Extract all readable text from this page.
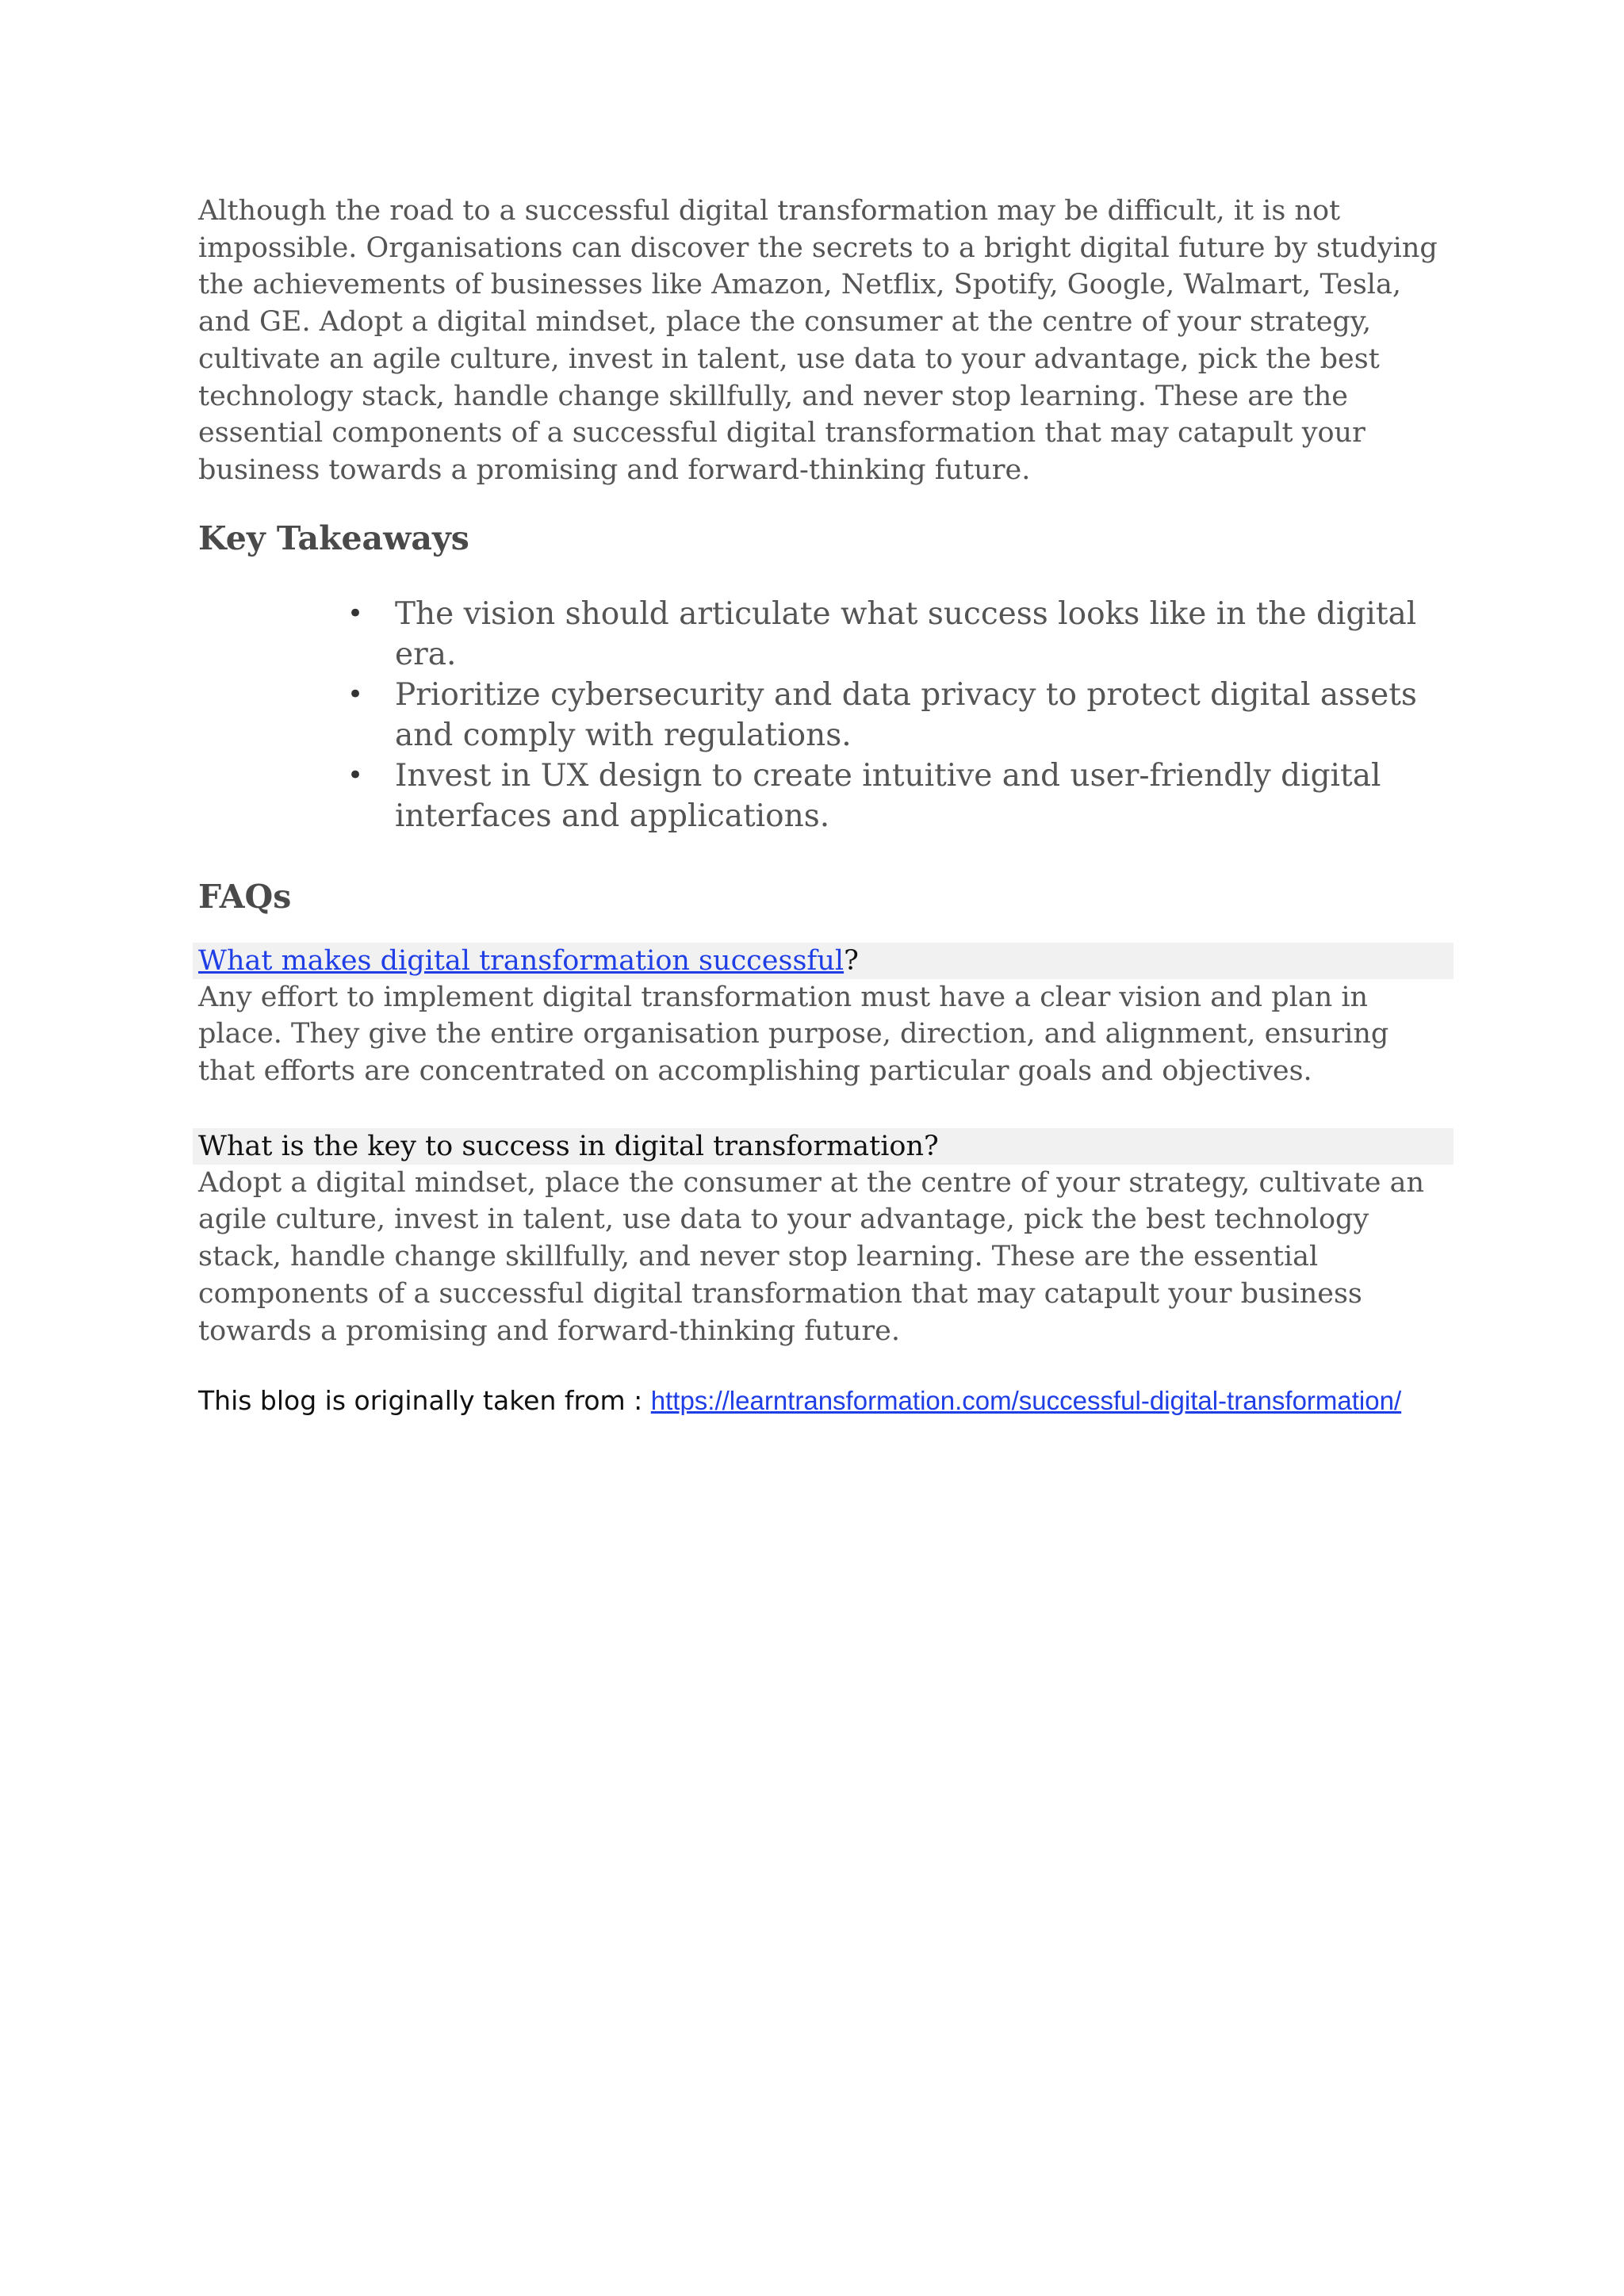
Although the road to a successful digital transformation may be difficult, it is not impossible. Organisations can discover the secrets to a bright digital future by studying the achievements of businesses like Amazon, Netflix, Spotify, Google, Walmart, Tesla, and GE. Adopt a digital mindset, place the consumer at the centre of your strategy, cultivate an agile culture, invest in talent, use data to your advantage, pick the best technology stack, handle change skillfully, and never stop learning. These are the essential components of a successful digital transformation that may catapult your business towards a promising and forward-thinking future.

Key Takeaways
• The vision should articulate what success looks like in the digital era.
• Prioritize cybersecurity and data privacy to protect digital assets and comply with regulations.
• Invest in UX design to create intuitive and user-friendly digital interfaces and applications.
FAQs
What makes digital transformation successful?

Any effort to implement digital transformation must have a clear vision and plan in place. They give the entire organisation purpose, direction, and alignment, ensuring that efforts are concentrated on accomplishing particular goals and objectives.

What is the key to success in digital transformation?

Adopt a digital mindset, place the consumer at the centre of your strategy, cultivate an agile culture, invest in talent, use data to your advantage, pick the best technology stack, handle change skillfully, and never stop learning. These are the essential components of a successful digital transformation that may catapult your business towards a promising and forward-thinking future.

This blog is originally taken from : https://learntransformation.com/successful-digital-transformation/
